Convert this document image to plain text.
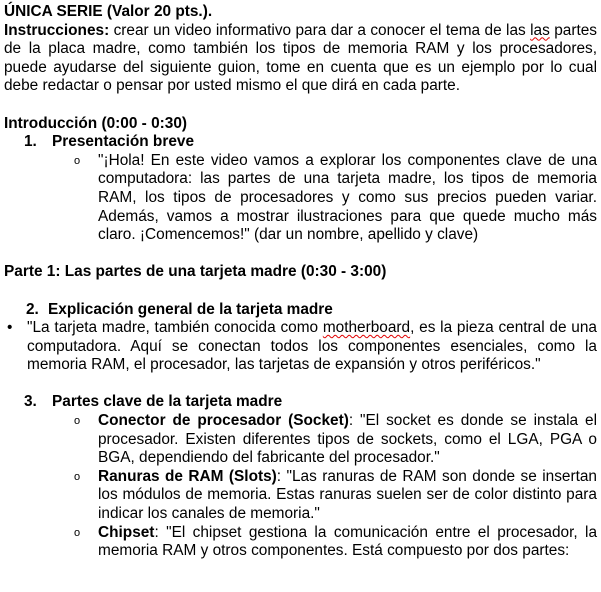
ÚNICA SERIE (Valor 20 pts.).

Instrucciones: crear un video informativo para dar a conocer el tema de las las partes de la placa madre, como también los tipos de memoria RAM y los procesadores, puede ayudarse del siguiente guion, tome en cuenta que es un ejemplo por lo cual debe redactar o pensar por usted mismo el que dirá en cada parte.

Introducción (0:00 - 0:30)

1. Presentación breve
o	"¡Hola! En este video vamos a explorar los componentes clave de una computadora: las partes de una tarjeta madre, los tipos de memoria RAM, los tipos de procesadores y como sus precios pueden variar. Además, vamos a mostrar ilustraciones para que quede mucho más claro. ¡Comencemos!" (dar un nombre, apellido y clave)

Parte 1: Las partes de una tarjeta madre (0:30 - 3:00)

2. Explicación general de la tarjeta madre
• "La tarjeta madre, también conocida como motherboard, es la pieza central de una computadora. Aquí se conectan todos los componentes esenciales, como la memoria RAM, el procesador, las tarjetas de expansión y otros periféricos."
3. Partes clave de la tarjeta madre
o	Conector de procesador (Socket): "El socket es donde se instala el procesador. Existen diferentes tipos de sockets, como el LGA, PGA o BGA, dependiendo del fabricante del procesador."
o	Ranuras de RAM (Slots): "Las ranuras de RAM son donde se insertan los módulos de memoria. Estas ranuras suelen ser de color distinto para indicar los canales de memoria."
o	Chipset: "El chipset gestiona la comunicación entre el procesador, la memoria RAM y otros componentes. Está compuesto por dos partes:
